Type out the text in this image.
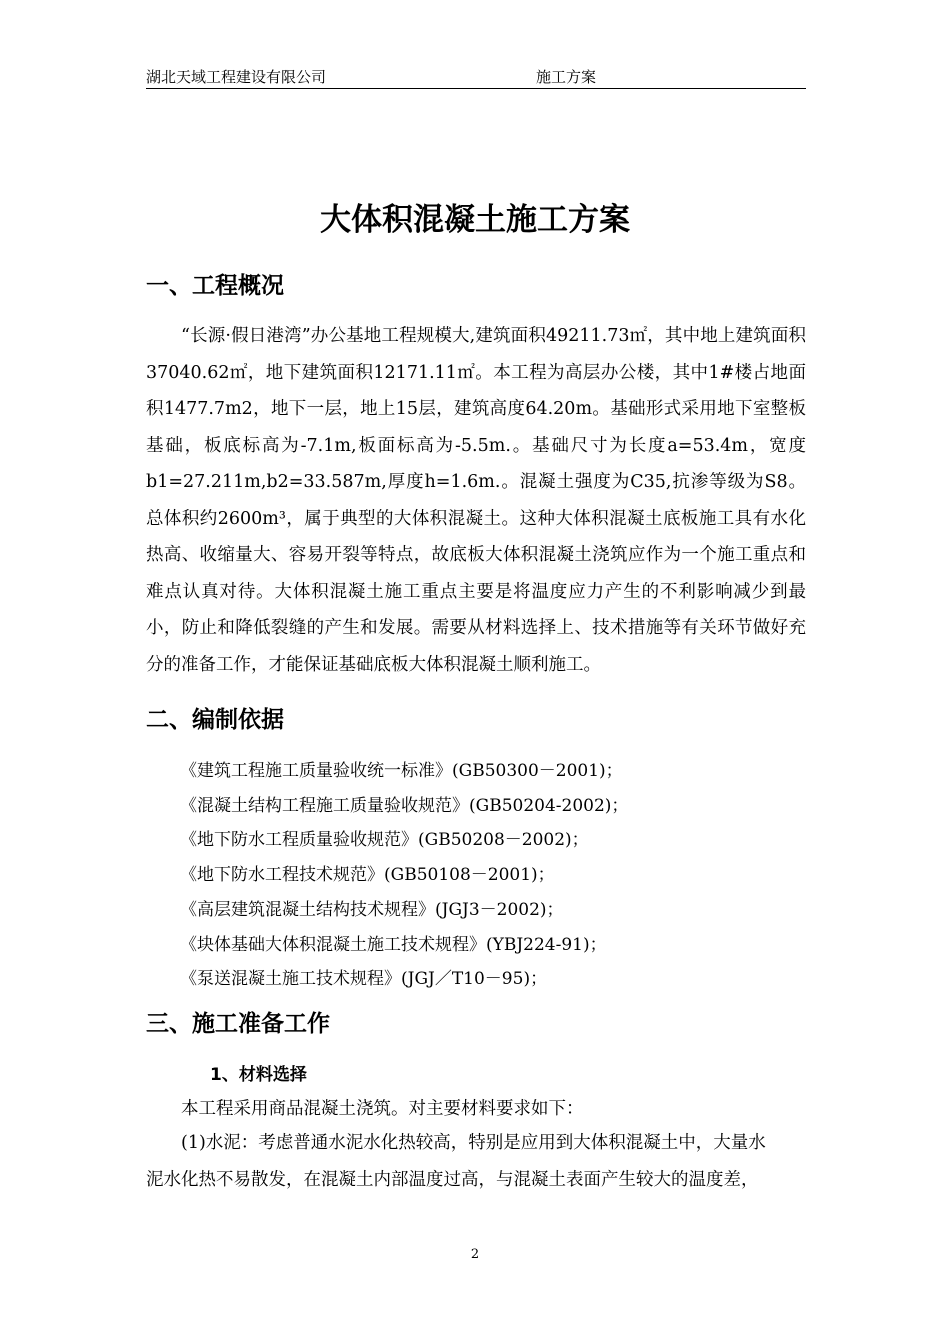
湖北天域工程建设有限公司	施工方案
大体积混凝土施工方案
一、工程概况

“长源·假日港湾”办公基地工程规模大,建筑面积49211.73㎡，其中地上建筑面积37040.62㎡，地下建筑面积12171.11㎡。本工程为高层办公楼，其中1#楼占地面积1477.7m2，地下一层，地上15层，建筑高度64.20m。基础形式采用地下室整板基础，板底标高为-7.1m,板面标高为-5.5m.。基础尺寸为长度a=53.4m，宽度b1=27.211m,b2=33.587m,厚度h=1.6m.。混凝土强度为C35,抗渗等级为S8。总体积约2600m³，属于典型的大体积混凝土。这种大体积混凝土底板施工具有水化热高、收缩量大、容易开裂等特点，故底板大体积混凝土浇筑应作为一个施工重点和难点认真对待。大体积混凝土施工重点主要是将温度应力产生的不利影响减少到最小，防止和降低裂缝的产生和发展。需要从材料选择上、技术措施等有关环节做好充分的准备工作，才能保证基础底板大体积混凝土顺利施工。

二、编制依据
《建筑工程施工质量验收统一标准》(GB50300－2001)；
《混凝土结构工程施工质量验收规范》(GB50204-2002)；
《地下防水工程质量验收规范》(GB50208－2002)；
《地下防水工程技术规范》(GB50108－2001)；
《高层建筑混凝土结构技术规程》(JGJ3－2002)；
《块体基础大体积混凝土施工技术规程》(YBJ224-91)；
《泵送混凝土施工技术规程》(JGJ／T10－95)；
三、施工准备工作
1、材料选择
本工程采用商品混凝土浇筑。对主要材料要求如下：
(1)水泥：考虑普通水泥水化热较高，特别是应用到大体积混凝土中，大量水
泥水化热不易散发，在混凝土内部温度过高，与混凝土表面产生较大的温度差，
2
